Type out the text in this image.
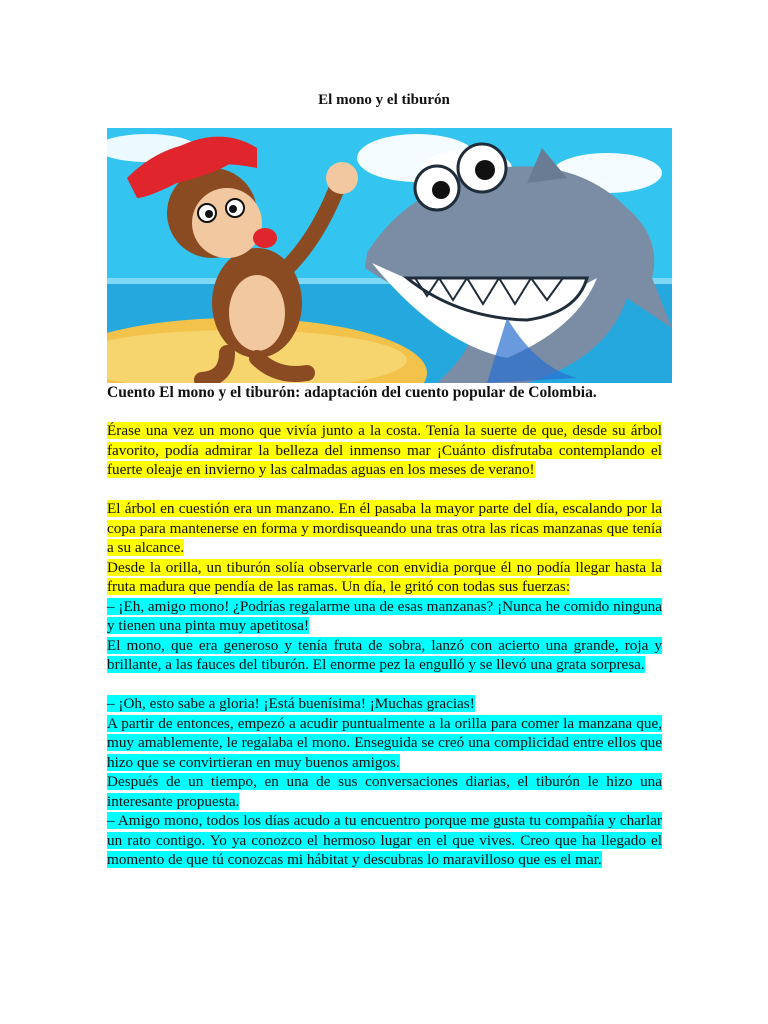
El mono y el tiburón
Cuento El mono y el tiburón: adaptación del cuento popular de Colombia.

Érase una vez un mono que vivía junto a la costa. Tenía la suerte de que, desde su árbol favorito, podía admirar la belleza del inmenso mar ¡Cuánto disfrutaba contemplando el fuerte oleaje en invierno y las calmadas aguas en los meses de verano!

El árbol en cuestión era un manzano. En él pasaba la mayor parte del día, escalando por la copa para mantenerse en forma y mordisqueando una tras otra las ricas manzanas que tenía a su alcance.

Desde la orilla, un tiburón solía observarle con envidia porque él no podía llegar hasta la fruta madura que pendía de las ramas. Un día, le gritó con todas sus fuerzas:

– ¡Eh, amigo mono! ¿Podrías regalarme una de esas manzanas? ¡Nunca he comido ninguna y tienen una pinta muy apetitosa!

El mono, que era generoso y tenía fruta de sobra, lanzó con acierto una grande, roja y brillante, a las fauces del tiburón. El enorme pez la engulló y se llevó una grata sorpresa.

– ¡Oh, esto sabe a gloria! ¡Está buenísima! ¡Muchas gracias!

A partir de entonces, empezó a acudir puntualmente a la orilla para comer la manzana que, muy amablemente, le regalaba el mono. Enseguida se creó una complicidad entre ellos que hizo que se convirtieran en muy buenos amigos.

Después de un tiempo, en una de sus conversaciones diarias, el tiburón le hizo una interesante propuesta.

– Amigo mono, todos los días acudo a tu encuentro porque me gusta tu compañía y charlar un rato contigo. Yo ya conozco el hermoso lugar en el que vives. Creo que ha llegado el momento de que tú conozcas mi hábitat y descubras lo maravilloso que es el mar.
